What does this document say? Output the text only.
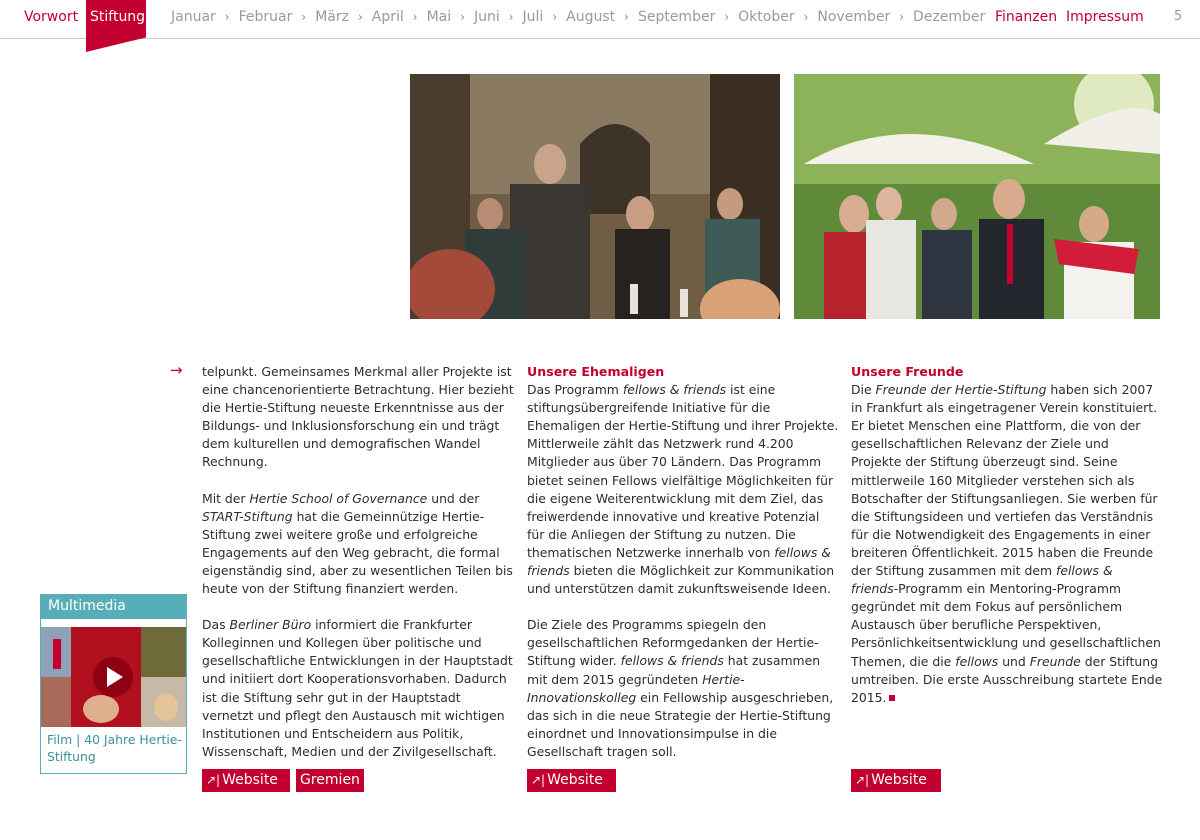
Vorwort Stiftung Januar › Februar › März › April › Mai › Juni › Juli › August › September › Oktober › November › Dezember Finanzen Impressum 5
→ telpunkt. Gemeinsames Merkmal aller Projekte ist eine chancenorientierte Betrachtung. Hier bezieht die Hertie-Stiftung neueste Erkenntnisse aus der Bildungs- und Inklusionsforschung ein und trägt dem kulturellen und demografischen Wandel Rechnung.

Mit der Hertie School of Governance und der START-Stiftung hat die Gemeinnützige Hertie-Stiftung zwei weitere große und erfolgreiche Engagements auf den Weg gebracht, die formal eigenständig sind, aber zu wesentlichen Teilen bis heute von der Stiftung finanziert werden.

Das Berliner Büro informiert die Frankfurter Kolleginnen und Kollegen über politische und gesellschaftliche Entwicklungen in der Hauptstadt und initiiert dort Kooperationsvorhaben. Dadurch ist die Stiftung sehr gut in der Hauptstadt vernetzt und pflegt den Austausch mit wichtigen Institutionen und Entscheidern aus Politik, Wissenschaft, Medien und der Zivilgesellschaft.

Unsere Ehemaligen

Das Programm fellows & friends ist eine stiftungsübergreifende Initiative für die Ehemaligen der Hertie-Stiftung und ihrer Projekte. Mittlerweile zählt das Netzwerk rund 4.200 Mitglieder aus über 70 Ländern. Das Programm bietet seinen Fellows vielfältige Möglichkeiten für die eigene Weiterentwicklung mit dem Ziel, das freiwerdende innovative und kreative Potenzial für die Anliegen der Stiftung zu nutzen. Die thematischen Netzwerke innerhalb von fellows & friends bieten die Möglichkeit zur Kommunikation und unterstützen damit zukunftsweisende Ideen.

Die Ziele des Programms spiegeln den gesellschaftlichen Reformgedanken der Hertie-Stiftung wider. fellows & friends hat zusammen mit dem 2015 gegründeten Hertie-Innovationskolleg ein Fellowship ausgeschrieben, das sich in die neue Strategie der Hertie-Stiftung einordnet und Innovationsimpulse in die Gesellschaft tragen soll.

Unsere Freunde

Die Freunde der Hertie-Stiftung haben sich 2007 in Frankfurt als eingetragener Verein konstituiert. Er bietet Menschen eine Plattform, die von der gesellschaftlichen Relevanz der Ziele und Projekte der Stiftung überzeugt sind. Seine mittlerweile 160 Mitglieder verstehen sich als Botschafter der Stiftungsanliegen. Sie werben für die Stiftungsideen und vertiefen das Verständnis für die Notwendigkeit des Engagements in einer breiteren Öffentlichkeit. 2015 haben die Freunde der Stiftung zusammen mit dem fellows & friends-Programm ein Mentoring-Programm gegründet mit dem Fokus auf persönlichem Austausch über berufliche Perspektiven, Persönlichkeitsentwicklung und gesellschaftlichen Themen, die die fellows und Freunde der Stiftung umtreiben. Die erste Ausschreibung startete Ende 2015.

↗| Website	Gremien	↗| Website	↗| Website
Multimedia
Film | 40 Jahre Hertie-Stiftung
